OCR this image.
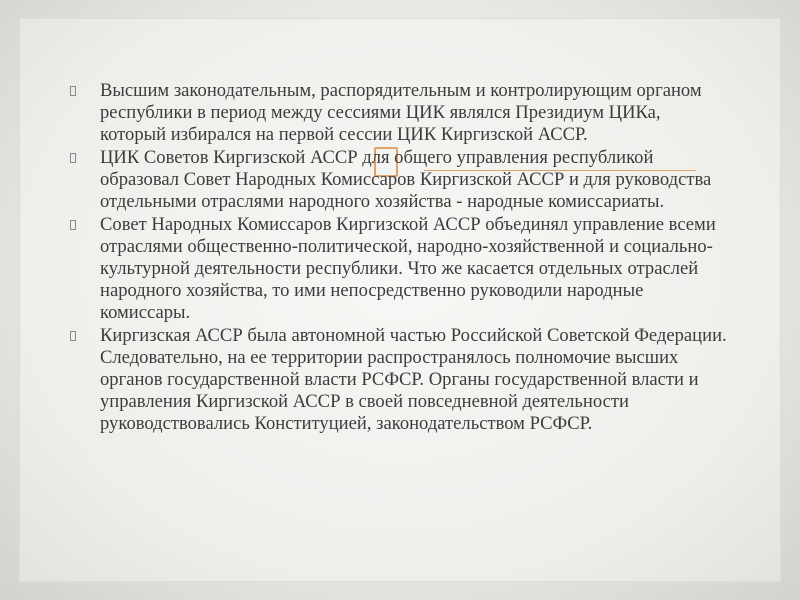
Высшим законодательным, распорядительным и контролирующим органом республики в период между сессиями ЦИК являлся Президиум ЦИКа, который избирался на первой сессии ЦИК Киргизской АССР.
ЦИК Советов Киргизской АССР для общего управления республикой образовал Совет Народных Комиссаров Киргизской АССР и для руководства отдельными отраслями народного хозяйства - народные комиссариаты.
Совет Народных Комиссаров Киргизской АССР объединял управление всеми отраслями общественно-политической, народно-хозяйственной и социально-культурной деятельности республики. Что же касается отдельных отраслей народного хозяйства, то ими непосредственно руководили народные комиссары.
Киргизская АССР была автономной частью Российской Советской Федерации. Следовательно, на ее территории распространялось полномочие высших органов государственной власти РСФСР. Органы государственной власти и управления Киргизской АССР в своей повседневной деятельности руководствовались Конституцией, законодательством РСФСР.
